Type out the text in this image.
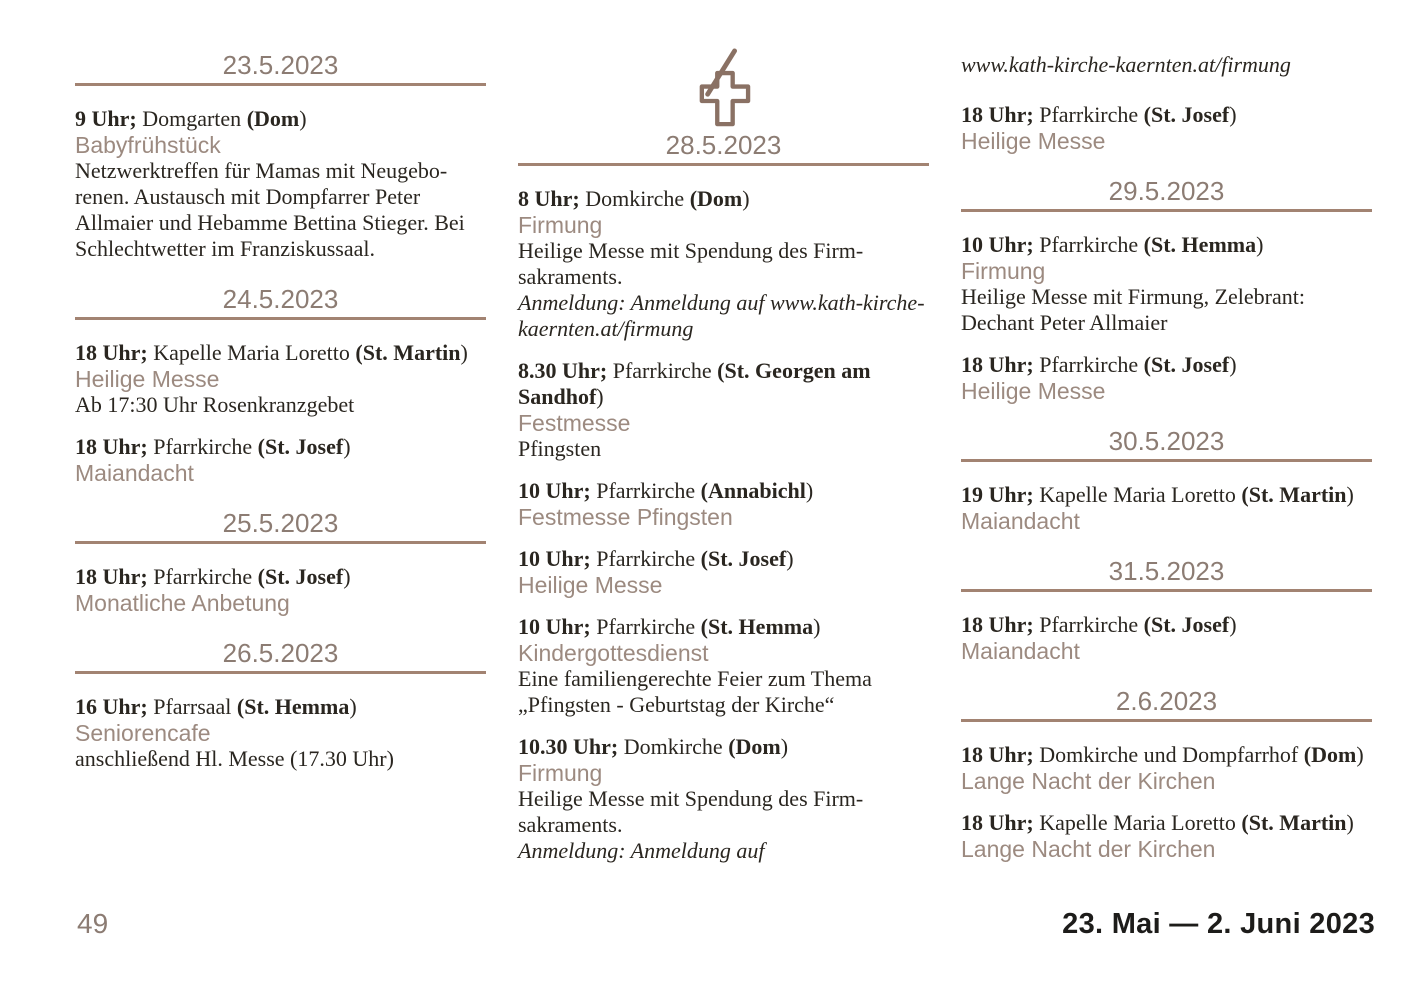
23.5.2023

9 Uhr ; Domgarten ( Dom )

Babyfrühstück

Netzwerktreffen für Mamas mit Neugeborenen. Austausch mit Dompfarrer Peter Allmaier und Hebamme Bettina Stieger. Bei Schlechtwetter im Franziskussaal.

24.5.2023

18 Uhr ; Kapelle Maria Loretto ( St. Martin )

Heilige Messe

Ab 17:30 Uhr Rosenkranzgebet

18 Uhr ; Pfarrkirche ( St. Josef )

Maiandacht

25.5.2023

18 Uhr ; Pfarrkirche ( St. Josef )

Monatliche Anbetung

26.5.2023

16 Uhr ; Pfarrsaal ( St. Hemma )

Seniorencafe

anschließend Hl. Messe (17.30 Uhr)

28.5.2023

8 Uhr ; Domkirche ( Dom )

Firmung

Heilige Messe mit Spendung des Firmsakraments.

Anmeldung: Anmeldung auf www.kath-kirche-kaernten.at/firmung

8.30 Uhr ; Pfarrkirche ( St. Georgen am Sandhof )

Festmesse

Pfingsten

10 Uhr ; Pfarrkirche ( Annabichl )

Festmesse Pfingsten

10 Uhr ; Pfarrkirche ( St. Josef )

Heilige Messe

10 Uhr ; Pfarrkirche ( St. Hemma )

Kindergottesdienst

Eine familiengerechte Feier zum Thema „Pfingsten - Geburtstag der Kirche“

10.30 Uhr ; Domkirche ( Dom )

Firmung

Heilige Messe mit Spendung des Firmsakraments.

Anmeldung: Anmeldung auf

www.kath-kirche-kaernten.at/firmung

18 Uhr ; Pfarrkirche ( St. Josef )

Heilige Messe

29.5.2023

10 Uhr ; Pfarrkirche ( St. Hemma )

Firmung

Heilige Messe mit Firmung, Zelebrant: Dechant Peter Allmaier

18 Uhr ; Pfarrkirche ( St. Josef )

Heilige Messe

30.5.2023

19 Uhr ; Kapelle Maria Loretto ( St. Martin )

Maiandacht

31.5.2023

18 Uhr ; Pfarrkirche ( St. Josef )

Maiandacht

2.6.2023

18 Uhr ; Domkirche und Dompfarrhof ( Dom )

Lange Nacht der Kirchen

18 Uhr ; Kapelle Maria Loretto ( St. Martin )

Lange Nacht der Kirchen

49	23. Mai — 2. Juni 2023
